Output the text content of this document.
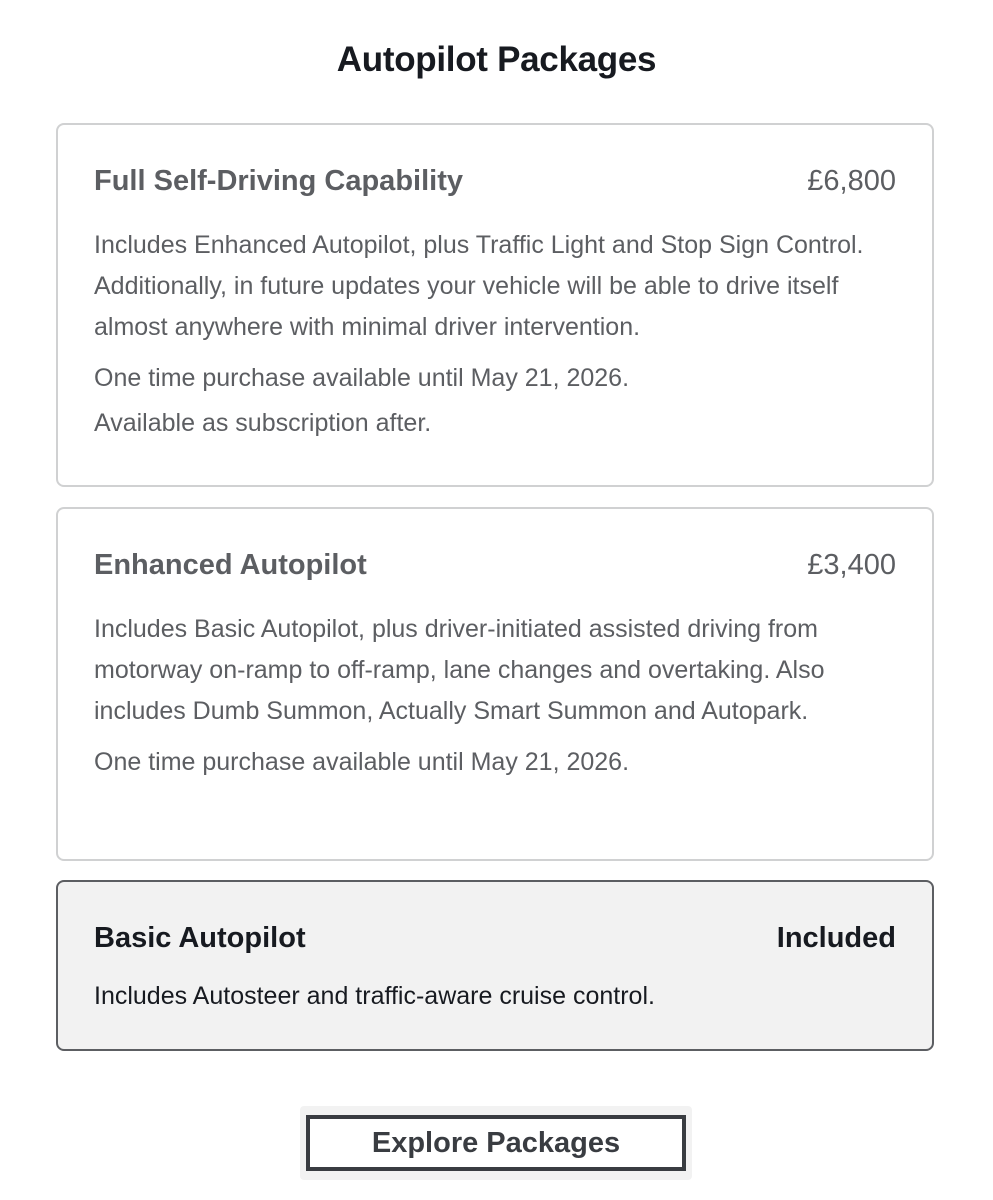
Autopilot Packages
Full Self-Driving Capability	£6,800
Includes Enhanced Autopilot, plus Traffic Light and Stop Sign Control. Additionally, in future updates your vehicle will be able to drive itself almost anywhere with minimal driver intervention.
One time purchase available until May 21, 2026.
Available as subscription after.
Enhanced Autopilot	£3,400
Includes Basic Autopilot, plus driver-initiated assisted driving from motorway on-ramp to off-ramp, lane changes and overtaking. Also includes Dumb Summon, Actually Smart Summon and Autopark.
One time purchase available until May 21, 2026.
Basic Autopilot	Included
Includes Autosteer and traffic-aware cruise control.
Explore Packages
